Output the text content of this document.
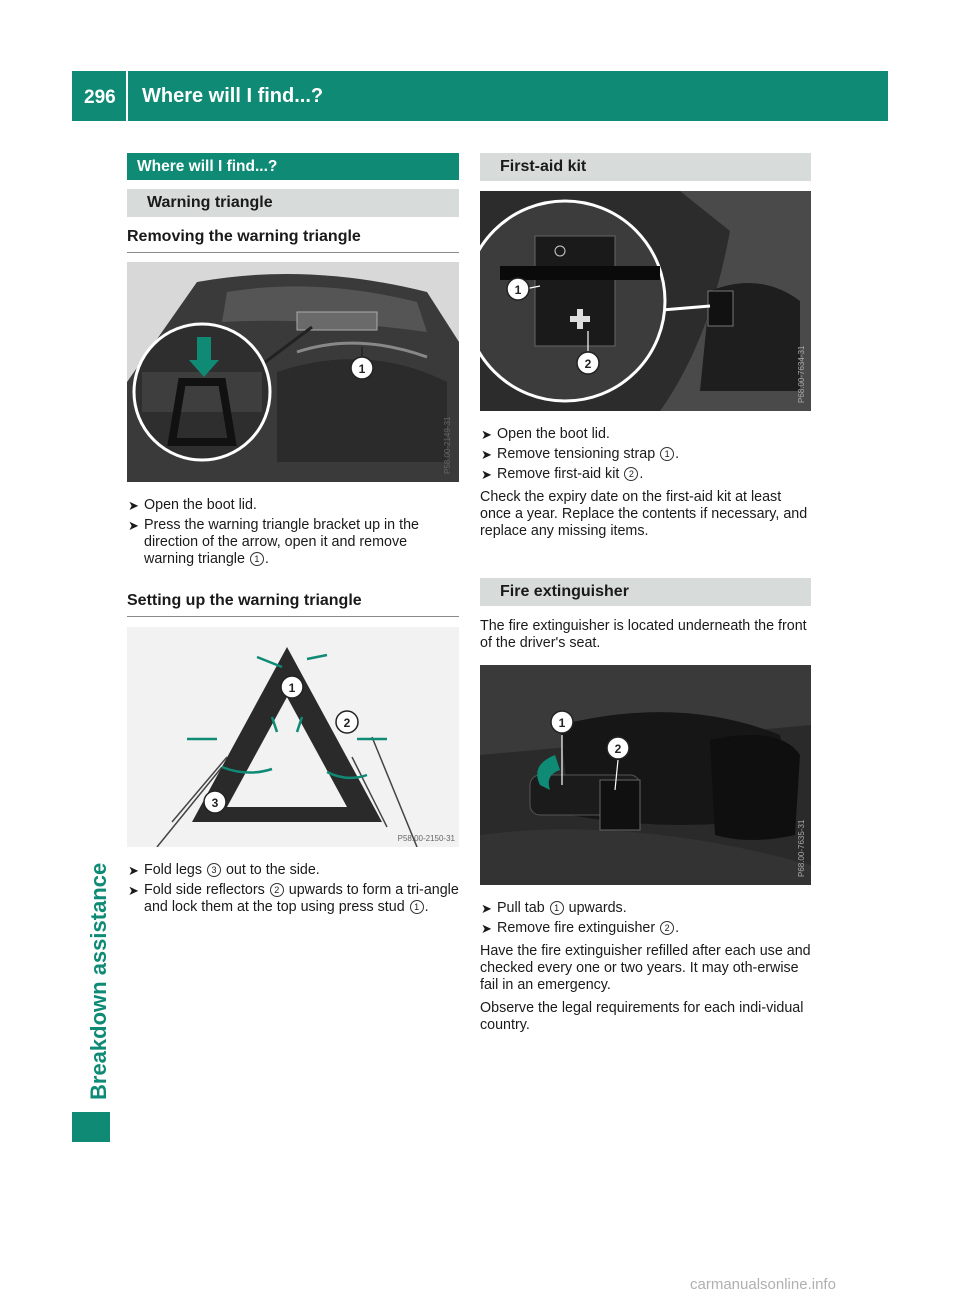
296 Where will I find...?
Breakdown assistance
Where will I find...?
Warning triangle
Removing the warning triangle
1
P58.00-2149-31
➤ Open the boot lid.
➤ Press the warning triangle bracket up in the direction of the arrow, open it and remove warning triangle 1 .
Setting up the warning triangle
1
2
3
P58.00-2150-31
➤ Fold legs 3 out to the side.
➤ Fold side reflectors 2 upwards to form a tri-angle and lock them at the top using press stud 1 .
First-aid kit
1
2	P68.00-7634-31
➤ Open the boot lid.
➤ Remove tensioning strap 1 .
➤ Remove first-aid kit 2 .
Check the expiry date on the first-aid kit at least once a year. Replace the contents if necessary, and replace any missing items.
Fire extinguisher
The fire extinguisher is located underneath the front of the driver's seat.
1
2
P68.00-7635-31
➤ Pull tab 1 upwards.
➤ Remove fire extinguisher 2 .
Have the fire extinguisher refilled after each use and checked every one or two years. It may oth-erwise fail in an emergency.
Observe the legal requirements for each indi-vidual country.
carmanualsonline.info
